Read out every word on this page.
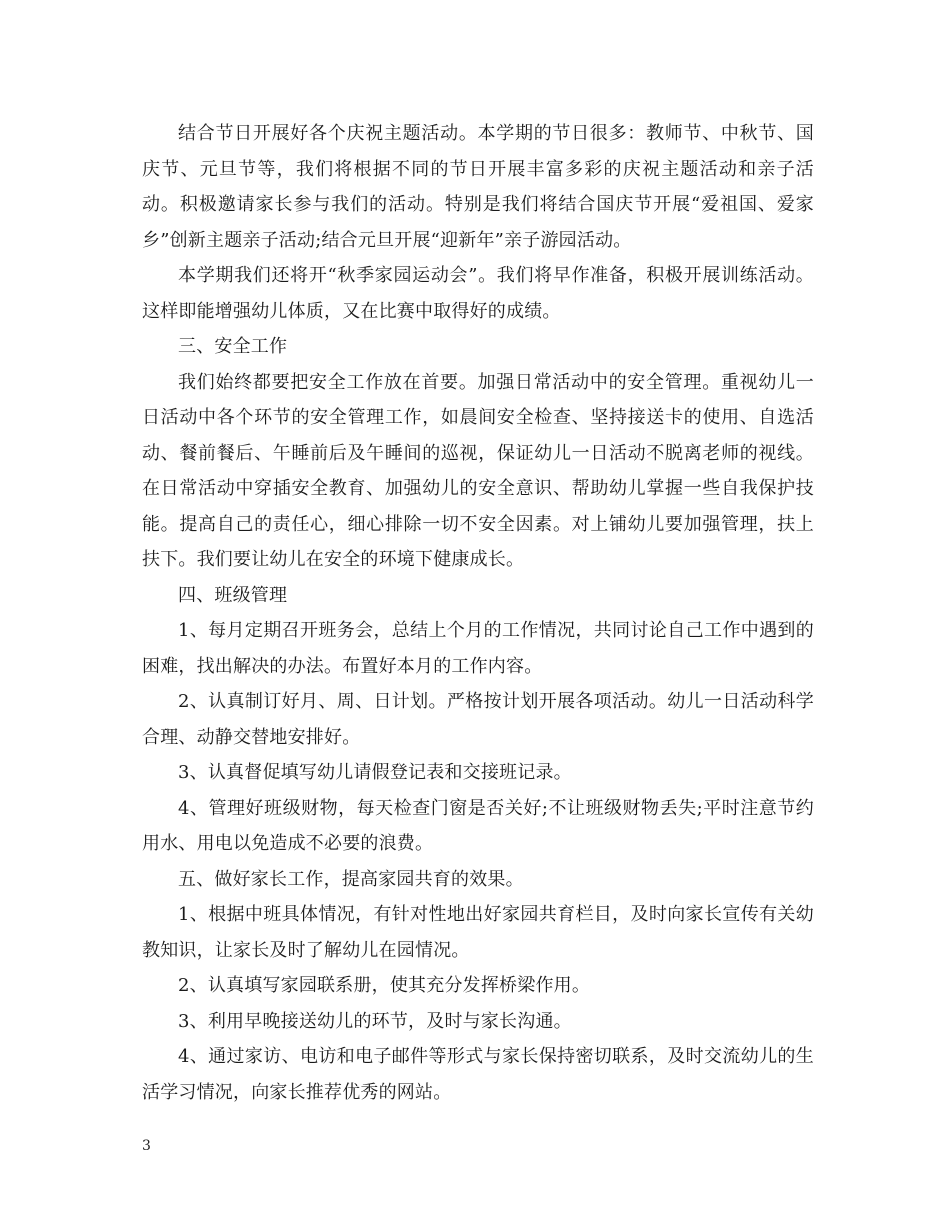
结合节日开展好各个庆祝主题活动。本学期的节日很多：教师节、中秋节、国庆节、元旦节等，我们将根据不同的节日开展丰富多彩的庆祝主题活动和亲子活动。积极邀请家长参与我们的活动。特别是我们将结合国庆节开展“爱祖国、爱家乡”创新主题亲子活动;结合元旦开展“迎新年”亲子游园活动。

本学期我们还将开“秋季家园运动会”。我们将早作准备，积极开展训练活动。这样即能增强幼儿体质，又在比赛中取得好的成绩。

三、安全工作

我们始终都要把安全工作放在首要。加强日常活动中的安全管理。重视幼儿一日活动中各个环节的安全管理工作，如晨间安全检查、坚持接送卡的使用、自选活动、餐前餐后、午睡前后及午睡间的巡视，保证幼儿一日活动不脱离老师的视线。在日常活动中穿插安全教育、加强幼儿的安全意识、帮助幼儿掌握一些自我保护技能。提高自己的责任心，细心排除一切不安全因素。对上铺幼儿要加强管理，扶上扶下。我们要让幼儿在安全的环境下健康成长。

四、班级管理

1、每月定期召开班务会，总结上个月的工作情况，共同讨论自己工作中遇到的困难，找出解决的办法。布置好本月的工作内容。

2、认真制订好月、周、日计划。严格按计划开展各项活动。幼儿一日活动科学合理、动静交替地安排好。

3、认真督促填写幼儿请假登记表和交接班记录。

4、管理好班级财物，每天检查门窗是否关好;不让班级财物丢失;平时注意节约用水、用电以免造成不必要的浪费。

五、做好家长工作，提高家园共育的效果。

1、根据中班具体情况，有针对性地出好家园共育栏目，及时向家长宣传有关幼教知识，让家长及时了解幼儿在园情况。

2、认真填写家园联系册，使其充分发挥桥梁作用。

3、利用早晚接送幼儿的环节，及时与家长沟通。

4、通过家访、电访和电子邮件等形式与家长保持密切联系，及时交流幼儿的生活学习情况，向家长推荐优秀的网站。

3
